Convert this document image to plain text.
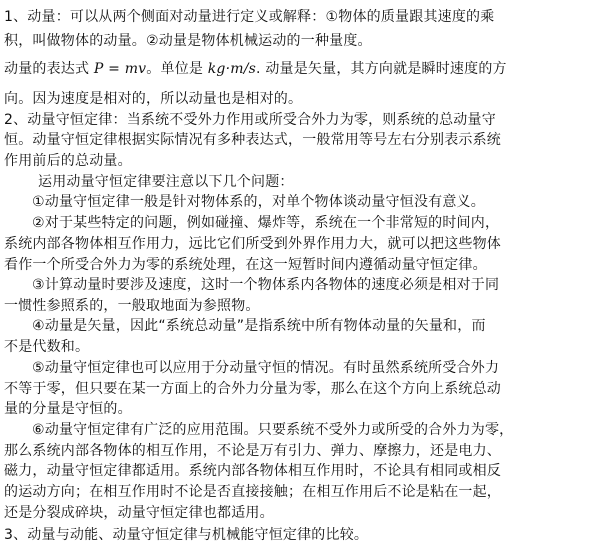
1、动量：可以从两个侧面对动量进行定义或解释：①物体的质量跟其速度的乘
积，叫做物体的动量。②动量是物体机械运动的一种量度。
动量的表达式 P = mv。单位是 kg·m/s. 动量是矢量，其方向就是瞬时速度的方
向。因为速度是相对的，所以动量也是相对的。
2、动量守恒定律：当系统不受外力作用或所受合外力为零，则系统的总动量守
恒。动量守恒定律根据实际情况有多种表达式，一般常用等号左右分别表示系统
作用前后的总动量。
运用动量守恒定律要注意以下几个问题：
①动量守恒定律一般是针对物体系的，对单个物体谈动量守恒没有意义。
②对于某些特定的问题，例如碰撞、爆炸等，系统在一个非常短的时间内，
系统内部各物体相互作用力，远比它们所受到外界作用力大，就可以把这些物体
看作一个所受合外力为零的系统处理，在这一短暂时间内遵循动量守恒定律。
③计算动量时要涉及速度，这时一个物体系内各物体的速度必须是相对于同
一惯性参照系的，一般取地面为参照物。
④动量是矢量，因此“系统总动量”是指系统中所有物体动量的矢量和，而
不是代数和。
⑤动量守恒定律也可以应用于分动量守恒的情况。有时虽然系统所受合外力
不等于零，但只要在某一方面上的合外力分量为零，那么在这个方向上系统总动
量的分量是守恒的。
⑥动量守恒定律有广泛的应用范围。只要系统不受外力或所受的合外力为零，
那么系统内部各物体的相互作用，不论是万有引力、弹力、摩擦力，还是电力、
磁力，动量守恒定律都适用。系统内部各物体相互作用时，不论具有相同或相反
的运动方向；在相互作用时不论是否直接接触；在相互作用后不论是粘在一起，
还是分裂成碎块，动量守恒定律也都适用。
3、动量与动能、动量守恒定律与机械能守恒定律的比较。
